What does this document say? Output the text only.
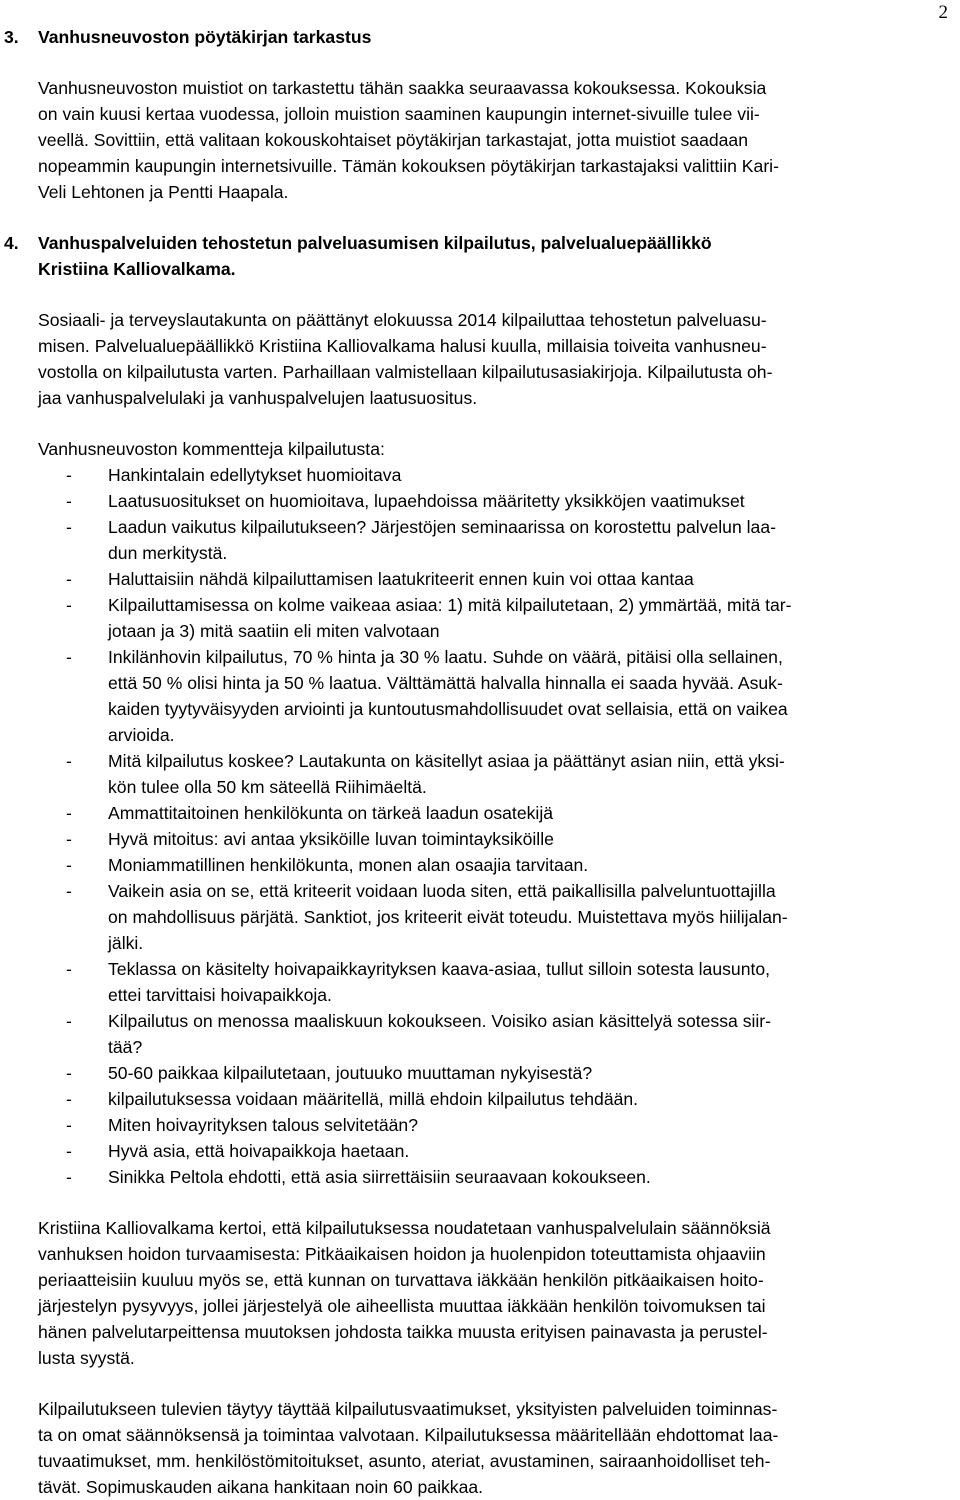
2
3. Vanhusneuvoston pöytäkirjan tarkastus
Vanhusneuvoston muistiot on tarkastettu tähän saakka seuraavassa kokouksessa. Kokouksia
on vain kuusi kertaa vuodessa, jolloin muistion saaminen kaupungin internet-sivuille tulee vii-
veellä. Sovittiin, että valitaan kokouskohtaiset pöytäkirjan tarkastajat, jotta muistiot saadaan
nopeammin kaupungin internetsivuille. Tämän kokouksen pöytäkirjan tarkastajaksi valittiin Kari-
Veli Lehtonen ja Pentti Haapala.
4. Vanhuspalveluiden tehostetun palveluasumisen kilpailutus, palvelualuepäällikkö
Kristiina Kalliovalkama.
Sosiaali- ja terveyslautakunta on päättänyt elokuussa 2014 kilpailuttaa tehostetun palveluasu-
misen. Palvelualuepäällikkö Kristiina Kalliovalkama halusi kuulla, millaisia toiveita vanhusneu-
vostolla on kilpailutusta varten. Parhaillaan valmistellaan kilpailutusasiakirjoja. Kilpailutusta oh-
jaa vanhuspalvelulaki ja vanhuspalvelujen laatusuositus.
Vanhusneuvoston kommentteja kilpailutusta:
- Hankintalain edellytykset huomioitava
- Laatusuositukset on huomioitava, lupaehdoissa määritetty yksikköjen vaatimukset
- Laadun vaikutus kilpailutukseen? Järjestöjen seminaarissa on korostettu palvelun laa-
dun merkitystä.
- Haluttaisiin nähdä kilpailuttamisen laatukriteerit ennen kuin voi ottaa kantaa
- Kilpailuttamisessa on kolme vaikeaa asiaa: 1) mitä kilpailutetaan, 2) ymmärtää, mitä tar-
jotaan ja 3) mitä saatiin eli miten valvotaan
- Inkilänhovin kilpailutus, 70 % hinta ja 30 % laatu. Suhde on väärä, pitäisi olla sellainen,
että 50 % olisi hinta ja 50 % laatua. Välttämättä halvalla hinnalla ei saada hyvää. Asuk-
kaiden tyytyväisyyden arviointi ja kuntoutusmahdollisuudet ovat sellaisia, että on vaikea
arvioida.
- Mitä kilpailutus koskee? Lautakunta on käsitellyt asiaa ja päättänyt asian niin, että yksi-
kön tulee olla 50 km säteellä Riihimäeltä.
- Ammattitaitoinen henkilökunta on tärkeä laadun osatekijä
- Hyvä mitoitus: avi antaa yksiköille luvan toimintayksiköille
- Moniammatillinen henkilökunta, monen alan osaajia tarvitaan.
- Vaikein asia on se, että kriteerit voidaan luoda siten, että paikallisilla palveluntuottajilla
on mahdollisuus pärjätä. Sanktiot, jos kriteerit eivät toteudu. Muistettava myös hiilijalan-
jälki.
- Teklassa on käsitelty hoivapaikkayrityksen kaava-asiaa, tullut silloin sotesta lausunto,
ettei tarvittaisi hoivapaikkoja.
- Kilpailutus on menossa maaliskuun kokoukseen. Voisiko asian käsittelyä sotessa siir-
tää?
- 50-60 paikkaa kilpailutetaan, joutuuko muuttaman nykyisestä?
- kilpailutuksessa voidaan määritellä, millä ehdoin kilpailutus tehdään.
- Miten hoivayrityksen talous selvitetään?
- Hyvä asia, että hoivapaikkoja haetaan.
- Sinikka Peltola ehdotti, että asia siirrettäisiin seuraavaan kokoukseen.
Kristiina Kalliovalkama kertoi, että kilpailutuksessa noudatetaan vanhuspalvelulain säännöksiä
vanhuksen hoidon turvaamisesta: Pitkäaikaisen hoidon ja huolenpidon toteuttamista ohjaaviin
periaatteisiin kuuluu myös se, että kunnan on turvattava iäkkään henkilön pitkäaikaisen hoito-
järjestelyn pysyvyys, jollei järjestelyä ole aiheellista muuttaa iäkkään henkilön toivomuksen tai
hänen palvelutarpeittensa muutoksen johdosta taikka muusta erityisen painavasta ja perustel-
lusta syystä.
Kilpailutukseen tulevien täytyy täyttää kilpailutusvaatimukset, yksityisten palveluiden toiminnas-
ta on omat säännöksensä ja toimintaa valvotaan. Kilpailutuksessa määritellään ehdottomat laa-
tuvaatimukset, mm. henkilöstömitoitukset, asunto, ateriat, avustaminen, sairaanhoidolliset teh-
tävät. Sopimuskauden aikana hankitaan noin 60 paikkaa.
